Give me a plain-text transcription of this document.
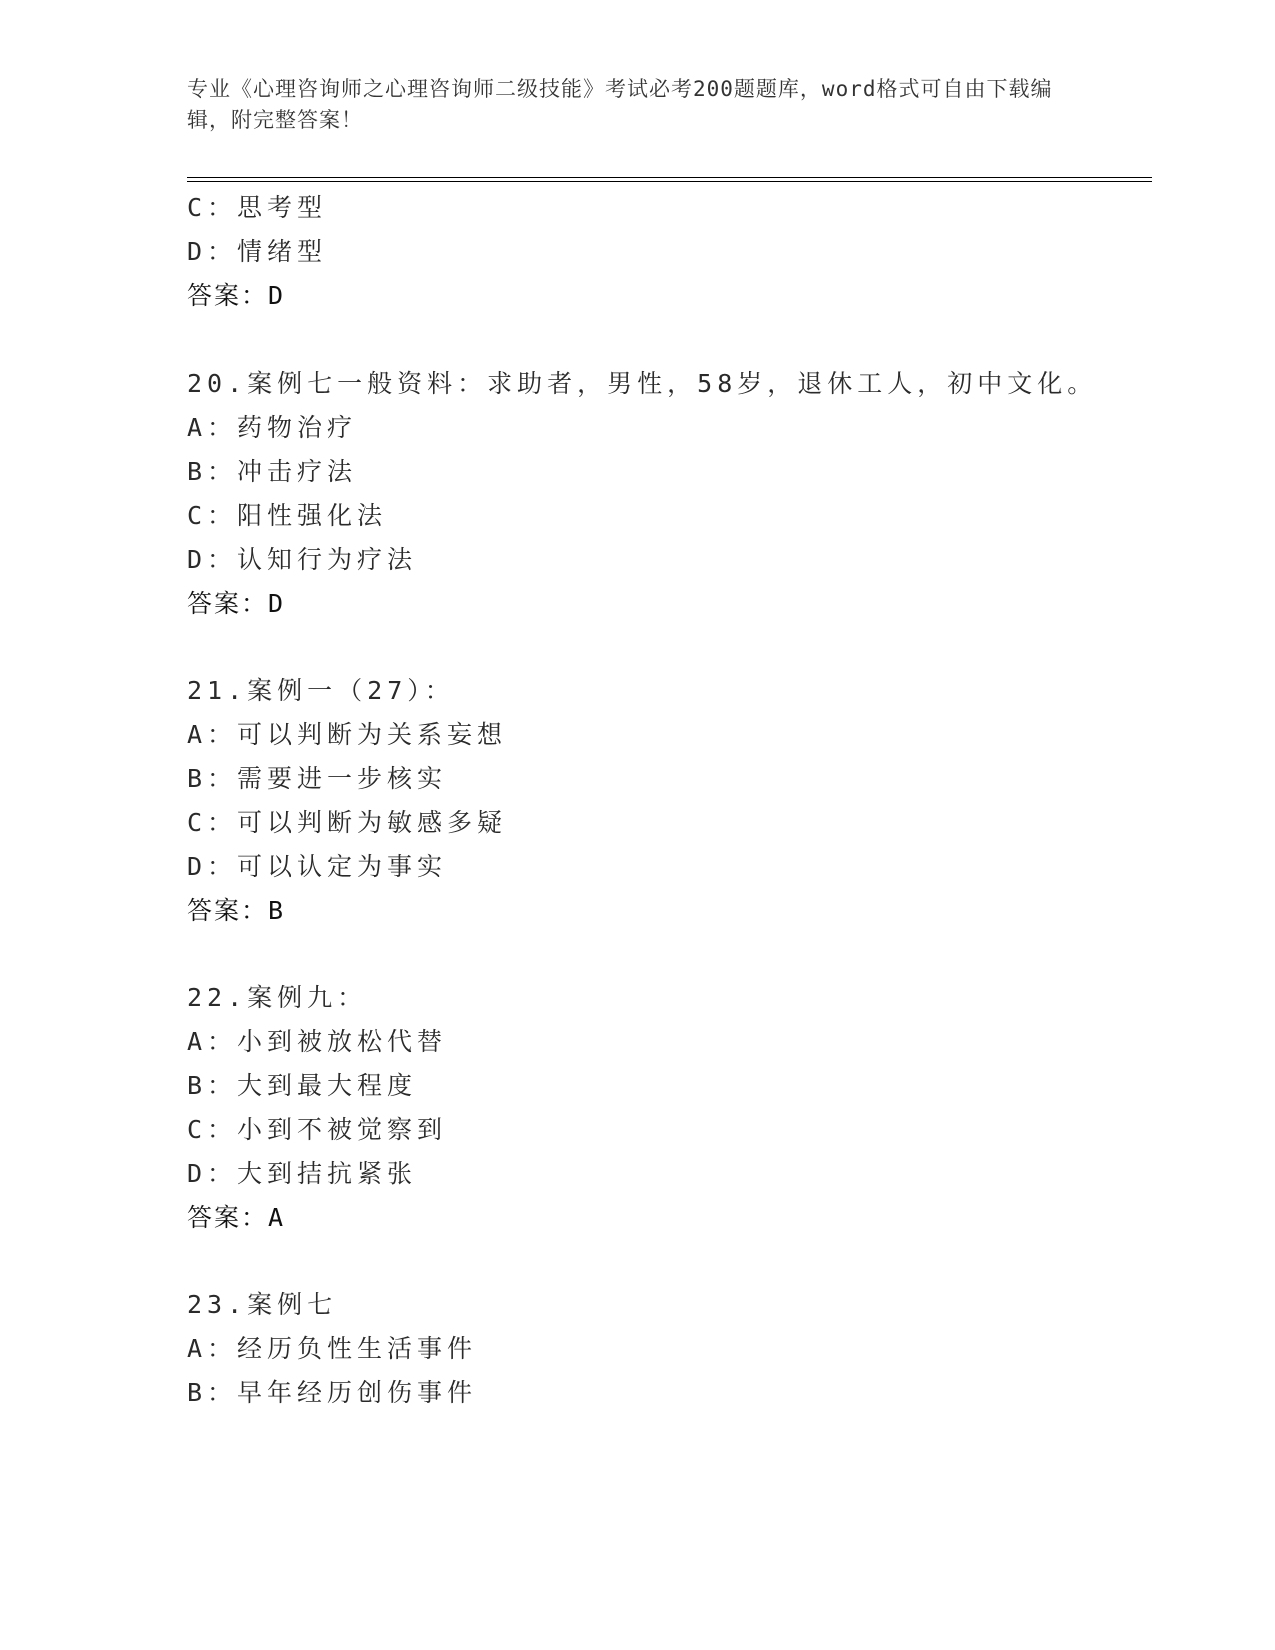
专业《心理咨询师之心理咨询师二级技能》考试必考200题题库，word格式可自由下载编辑，附完整答案！
C：思考型
D：情绪型
答案：D
20.案例七一般资料：求助者，男性，58岁，退休工人，初中文化。
A：药物治疗
B：冲击疗法
C：阳性强化法
D：认知行为疗法
答案：D
21.案例一（27）：
A：可以判断为关系妄想
B：需要进一步核实
C：可以判断为敏感多疑
D：可以认定为事实
答案：B
22.案例九：
A：小到被放松代替
B：大到最大程度
C：小到不被觉察到
D：大到拮抗紧张
答案：A
23.案例七
A：经历负性生活事件
B：早年经历创伤事件
